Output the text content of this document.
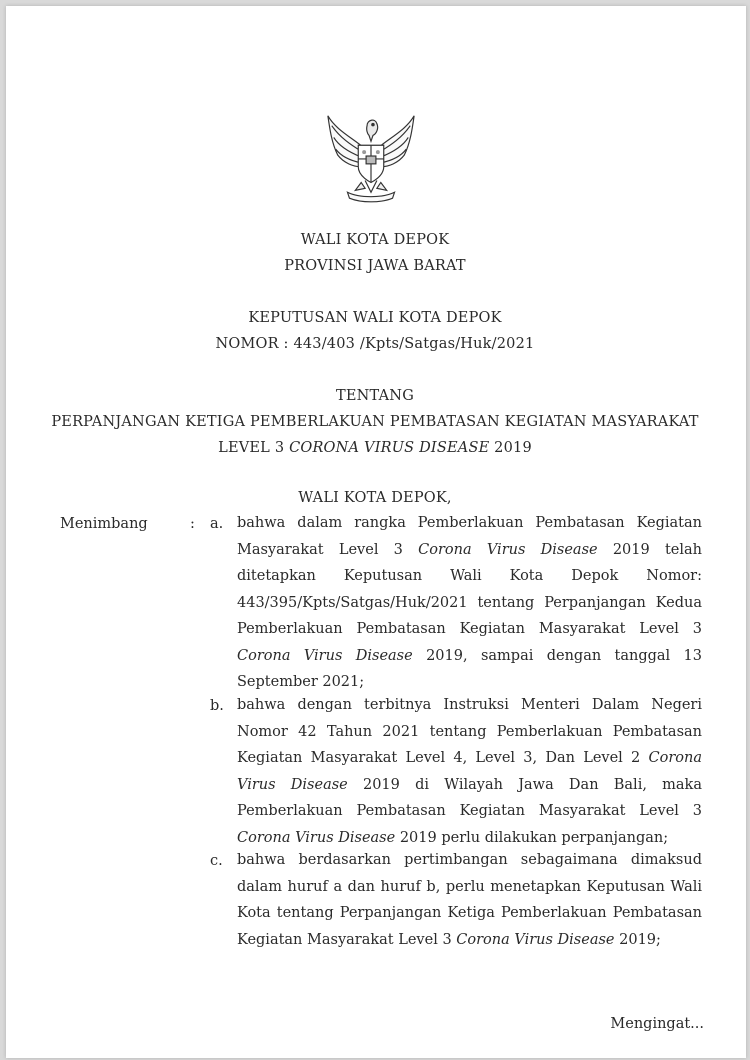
WALI KOTA DEPOK
PROVINSI JAWA BARAT
KEPUTUSAN WALI KOTA DEPOK
NOMOR : 443/403 /Kpts/Satgas/Huk/2021
TENTANG
PERPANJANGAN KETIGA PEMBERLAKUAN PEMBATASAN KEGIATAN MASYARAKAT
LEVEL 3 CORONA VIRUS DISEASE 2019
WALI KOTA DEPOK,
Menimbang	: a. bahwa dalam rangka Pemberlakuan Pembatasan Kegiatan Masyarakat Level 3 Corona Virus Disease 2019 telah ditetapkan Keputusan Wali Kota Depok Nomor: 443/395/Kpts/Satgas/Huk/2021 tentang Perpanjangan Kedua Pemberlakuan Pembatasan Kegiatan Masyarakat Level 3 Corona Virus Disease 2019, sampai dengan tanggal 13 September 2021;
b. bahwa dengan terbitnya Instruksi Menteri Dalam Negeri Nomor 42 Tahun 2021 tentang Pemberlakuan Pembatasan Kegiatan Masyarakat Level 4, Level 3, Dan Level 2 Corona Virus Disease 2019 di Wilayah Jawa Dan Bali, maka Pemberlakuan Pembatasan Kegiatan Masyarakat Level 3 Corona Virus Disease 2019 perlu dilakukan perpanjangan;
c. bahwa berdasarkan pertimbangan sebagaimana dimaksud dalam huruf a dan huruf b, perlu menetapkan Keputusan Wali Kota tentang Perpanjangan Ketiga Pemberlakuan Pembatasan Kegiatan Masyarakat Level 3 Corona Virus Disease 2019;
Mengingat...
